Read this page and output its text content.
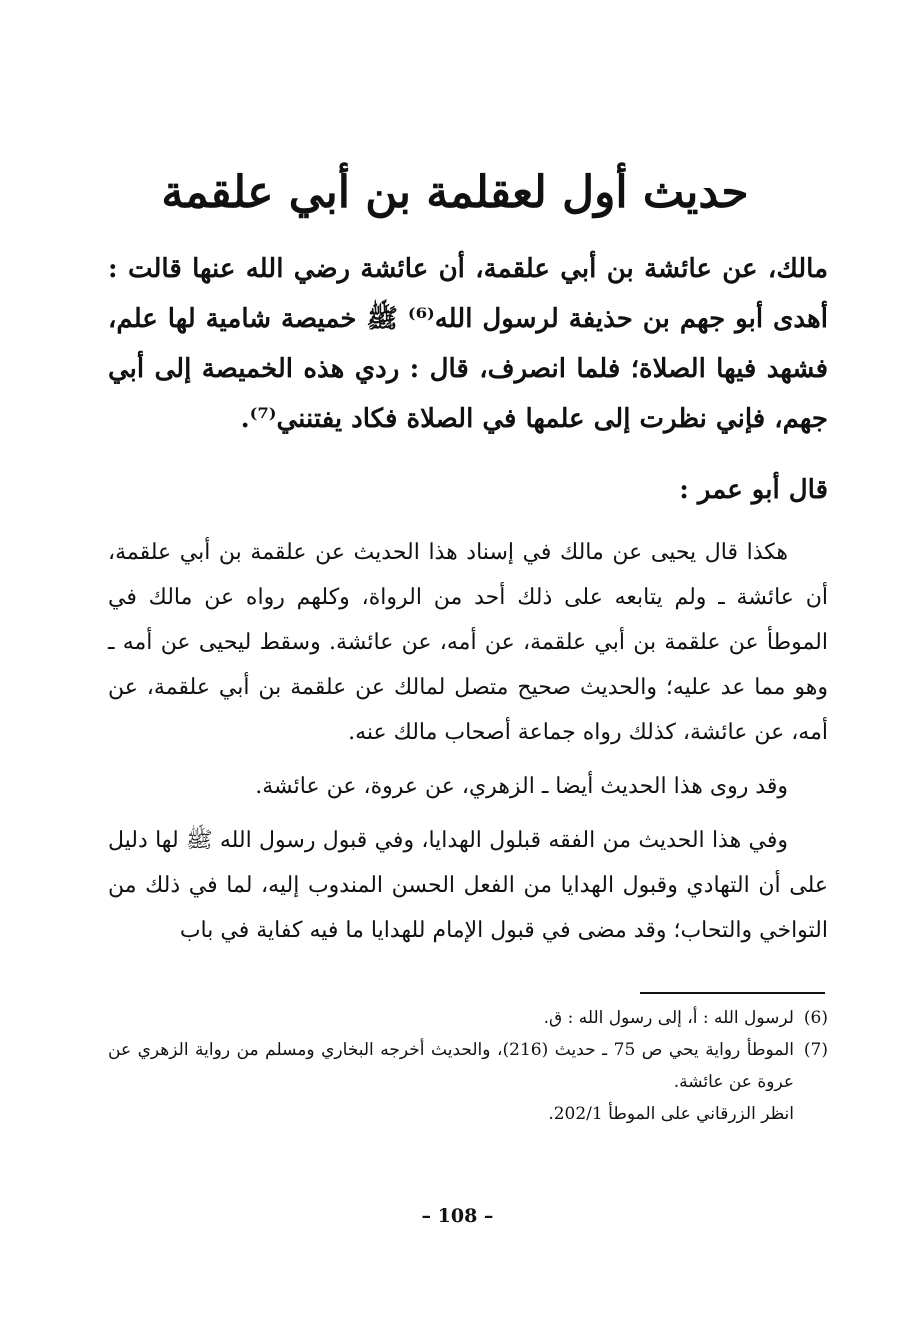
حديث أول لعقلمة بن أبي علقمة
مالك، عن عائشة بن أبي علقمة، أن عائشة رضي الله عنها قالت : أهدى أبو جهم بن حذيفة لرسول الله⁽⁶⁾ ﷺ خميصة شامية لها علم، فشهد فيها الصلاة؛ فلما انصرف، قال : ردي هذه الخميصة إلى أبي جهم، فإني نظرت إلى علمها في الصلاة فكاد يفتنني⁽⁷⁾.
قال أبو عمر :

هكذا قال يحيى عن مالك في إسناد هذا الحديث عن علقمة بن أبي علقمة، أن عائشة ـ ولم يتابعه على ذلك أحد من الرواة، وكلهم رواه عن مالك في الموطأ عن علقمة بن أبي علقمة، عن أمه، عن عائشة. وسقط ليحيى عن أمه ـ وهو مما عد عليه؛ والحديث صحيح متصل لمالك عن علقمة بن أبي علقمة، عن أمه، عن عائشة، كذلك رواه جماعة أصحاب مالك عنه.

وقد روى هذا الحديث أيضا ـ الزهري، عن عروة، عن عائشة.

وفي هذا الحديث من الفقه قبلول الهدايا، وفي قبول رسول الله ﷺ لها دليل على أن التهادي وقبول الهدايا من الفعل الحسن المندوب إليه، لما في ذلك من التواخي والتحاب؛ وقد مضى في قبول الإمام للهدايا ما فيه كفاية في باب

(6)
لرسول الله : أ، إلى رسول الله : ق.
(7)
الموطأ رواية يحي ص 75 ـ حديث (216)، والحديث أخرجه البخاري ومسلم من رواية الزهري عن عروة عن عائشة.
انظر الزرقاني على الموطأ 202/1.
– 108 –
